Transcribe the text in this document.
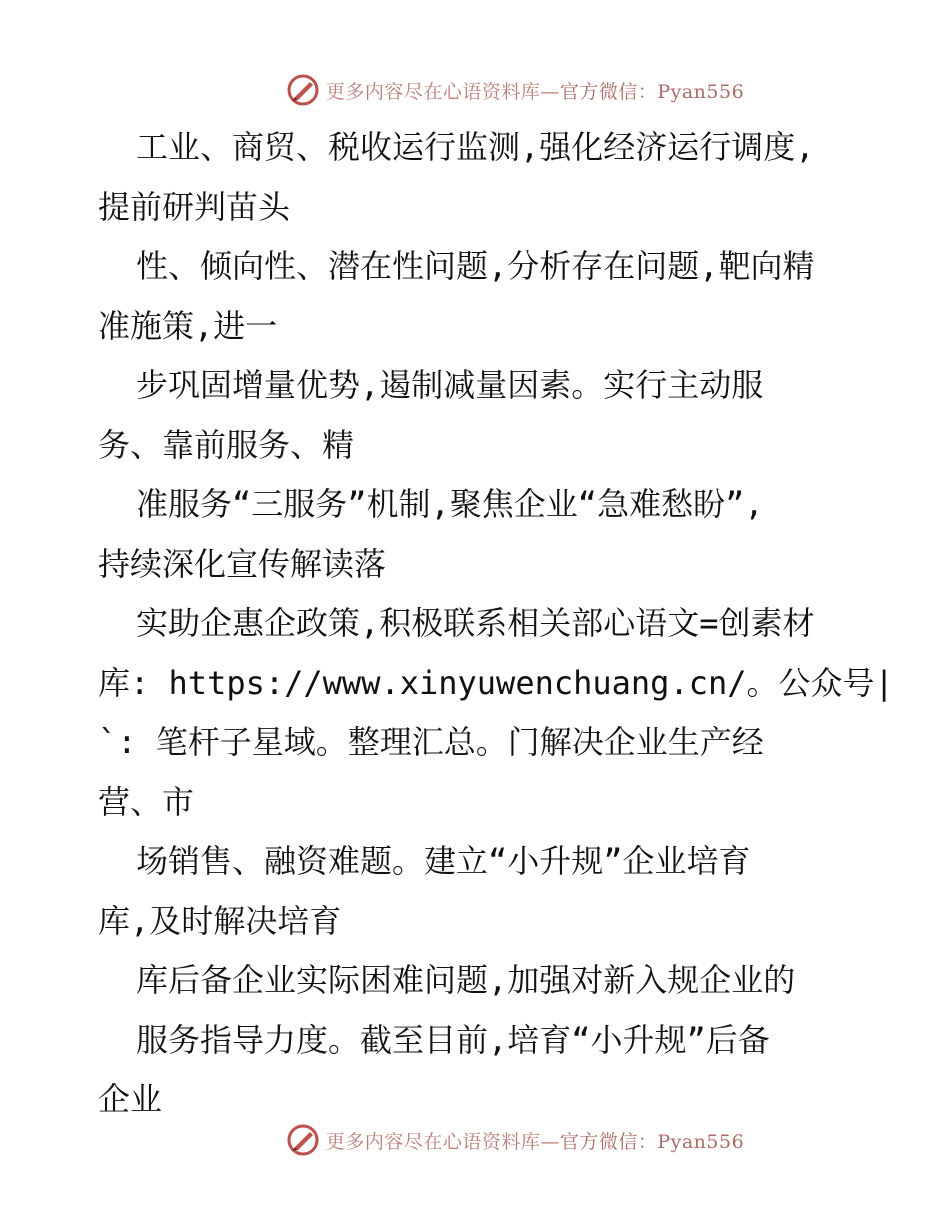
更多内容尽在心语资料库—官方微信：Pyan556
工业、商贸、税收运行监测,强化经济运行调度,
提前研判苗头
性、倾向性、潜在性问题,分析存在问题,靶向精
准施策,进一
步巩固增量优势,遏制减量因素。实行主动服
务、靠前服务、精
准服务“三服务”机制,聚焦企业“急难愁盼”,
持续深化宣传解读落
实助企惠企政策,积极联系相关部心语文=创素材
库: https://www.xinyuwenchuang.cn/。公众号|
`: 笔杆子星域。整理汇总。门解决企业生产经
营、市
场销售、融资难题。建立“小升规”企业培育
库,及时解决培育
库后备企业实际困难问题,加强对新入规企业的
服务指导力度。截至目前,培育“小升规”后备
企业
更多内容尽在心语资料库—官方微信：Pyan556
